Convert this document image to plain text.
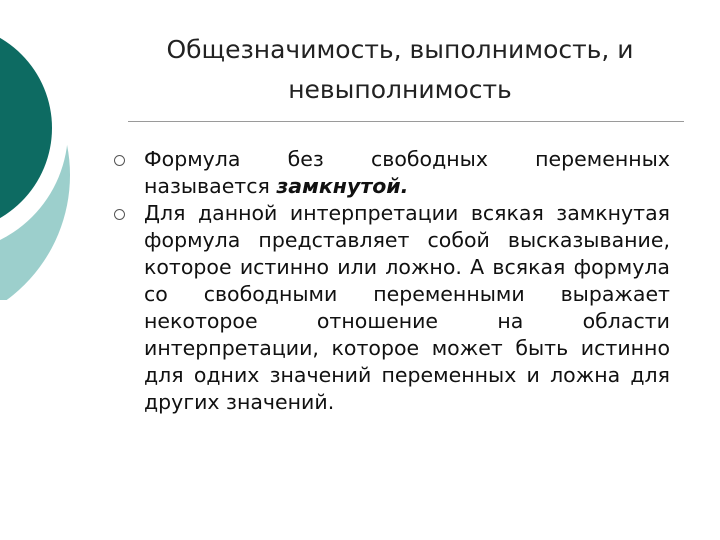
Общезначимость, выполнимость, и
невыполнимость
Формула без свободных переменных называется замкнутой.
Для данной интерпретации всякая замкнутая формула представляет собой высказывание, которое истинно или ложно. А всякая формула со свободными переменными выражает некоторое отношение на области интерпретации, которое может быть истинно для одних значений переменных и ложна для других значений.
